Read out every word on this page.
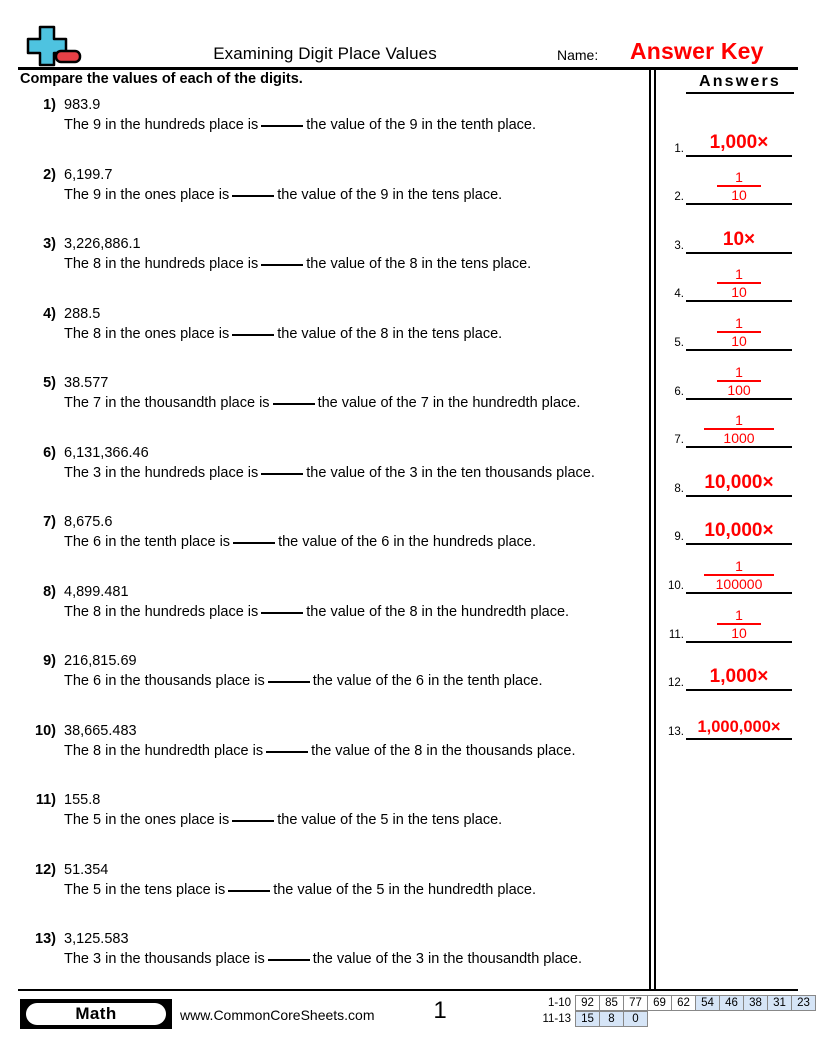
Examining Digit Place Values	Name: Answer Key
Compare the values of each of the digits.
1) 983.9
The 9 in the hundreds place is	the value of the 9 in the tenth place.
2) 6,199.7
The 9 in the ones place is	the value of the 9 in the tens place.
3) 3,226,886.1
The 8 in the hundreds place is	the value of the 8 in the tens place.
4) 288.5
The 8 in the ones place is	the value of the 8 in the tens place.
5) 38.577
The 7 in the thousandth place is	the value of the 7 in the hundredth place.
6) 6,131,366.46
The 3 in the hundreds place is	the value of the 3 in the ten thousands place.
7) 8,675.6
The 6 in the tenth place is	the value of the 6 in the hundreds place.
8) 4,899.481
The 8 in the hundreds place is	the value of the 8 in the hundredth place.
9) 216,815.69
The 6 in the thousands place is	the value of the 6 in the tenth place.
10) 38,665.483
The 8 in the hundredth place is	the value of the 8 in the thousands place.
11) 155.8
The 5 in the ones place is	the value of the 5 in the tens place.
12) 51.354
The 5 in the tens place is	the value of the 5 in the hundredth place.
13) 3,125.583
The 3 in the thousands place is	the value of the 3 in the thousandth place.
Answers
1.	1,000×
2.
1
10
3.	10×
4.
1
10
5.
1
10
6.
1
100
7.
1
1000
8.	10,000×
9.	10,000×
10.
1
100000
11.
1
10
12.	1,000×
13. 1,000,000×
Math	www.CommonCoreSheets.com	1	1-10 92 85 77 69 62 54 46 38 31 23
11-13 15	8	0
